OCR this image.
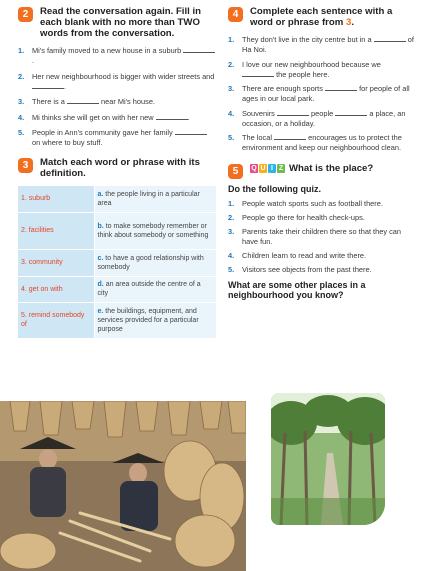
2	Read the conversation again. Fill in each blank with no more than TWO words from the conversation.
1.	Mi's family moved to a new house in a suburb .
2.	Her new neighbourhood is bigger with wider streets and .
3.	There is a	near Mi's house.
4.	Mi thinks she will get on with her new	.
5.	People in Ann's community gave her family  on where to buy stuff.
3	Match each word or phrase with its definition.
1. suburb	a. the people living in a particular area
2. facilities	b. to make somebody remember or think about somebody or something
3. community	c. to have a good relationship with somebody
4. get on with	d. an area outside the centre of a city
5. remind somebody of	e. the buildings, equipment, and services provided for a particular purpose
4	Complete each sentence with a word or phrase from 3.
1.	They don't live in the city centre but in a	of Ha Noi.
2.	I love our new neighbourhood because we  the people here.
3.	There are enough sports	for people of all ages in our local park.
4.	Souvenirs	people	a place, an occasion, or a holiday.
5.	The local	encourages us to protect the environment and keep our neighbourhood clean.
5	Q U I Z What is the place?
Do the following quiz.
1.	People watch sports such as football there.
2.	People go there for health check-ups.
3.	Parents take their children there so that they can have fun.
4.	Children learn to read and write there.
5.	Visitors see objects from the past there.
What are some other places in a neighbourhood you know?
